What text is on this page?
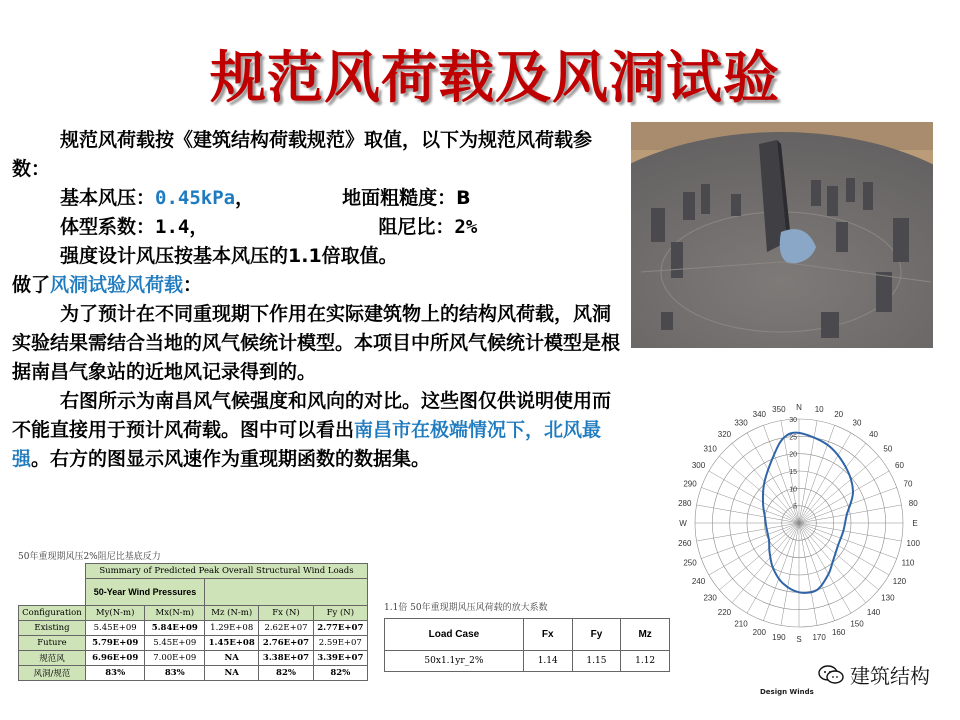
规范风荷载及风洞试验

规范风荷载按《建筑结构荷载规范》取值，以下为规范风荷载参数：

基本风压：0.45kPa，	地面粗糙度：B

体型系数：1.4，	阻尼比：2%

强度设计风压按基本风压的1.1倍取值。

做了风洞试验风荷载：

为了预计在不同重现期下作用在实际建筑物上的结构风荷载，风洞实验结果需结合当地的风气候统计模型。本项目中所风气候统计模型是根据南昌气象站的近地风记录得到的。

右图所示为南昌风气候强度和风向的对比。这些图仅供说明使用而不能直接用于预计风荷载。图中可以看出南昌市在极端情况下，北风最强。右方的图显示风速作为重现期函数的数据集。

N 10
20
30
40
50
60
70
80
E
100
110
120
130
140
150
160
170
S
190
200
210
220
230
240
250
260
W
280
290
300
310
320
330
340
350
5
10
15
20
25
30
Design Winds
50年重现期风压2%阻尼比基底反力
	Summary of Predicted Peak Overall Structural Wind Loads				
	50-Year Wind Pressures				
Configuration	My(N-m)	Mx(N-m)	Mz (N-m)	Fx (N)	Fy (N)
Existing	5.45E+09	5.84E+09	1.29E+08	2.62E+07	2.77E+07
Future	5.79E+09	5.45E+09	1.45E+08	2.76E+07	2.59E+07
规范风	6.96E+09	7.00E+09	NA	3.38E+07	3.39E+07
风洞/规范	83%	83%	NA	82%	82%
1.1倍 50年重现期风压风荷载的放大系数
Load Case	Fx	Fy	Mz
50x1.1yr_2%	1.14	1.15	1.12
建筑结构
